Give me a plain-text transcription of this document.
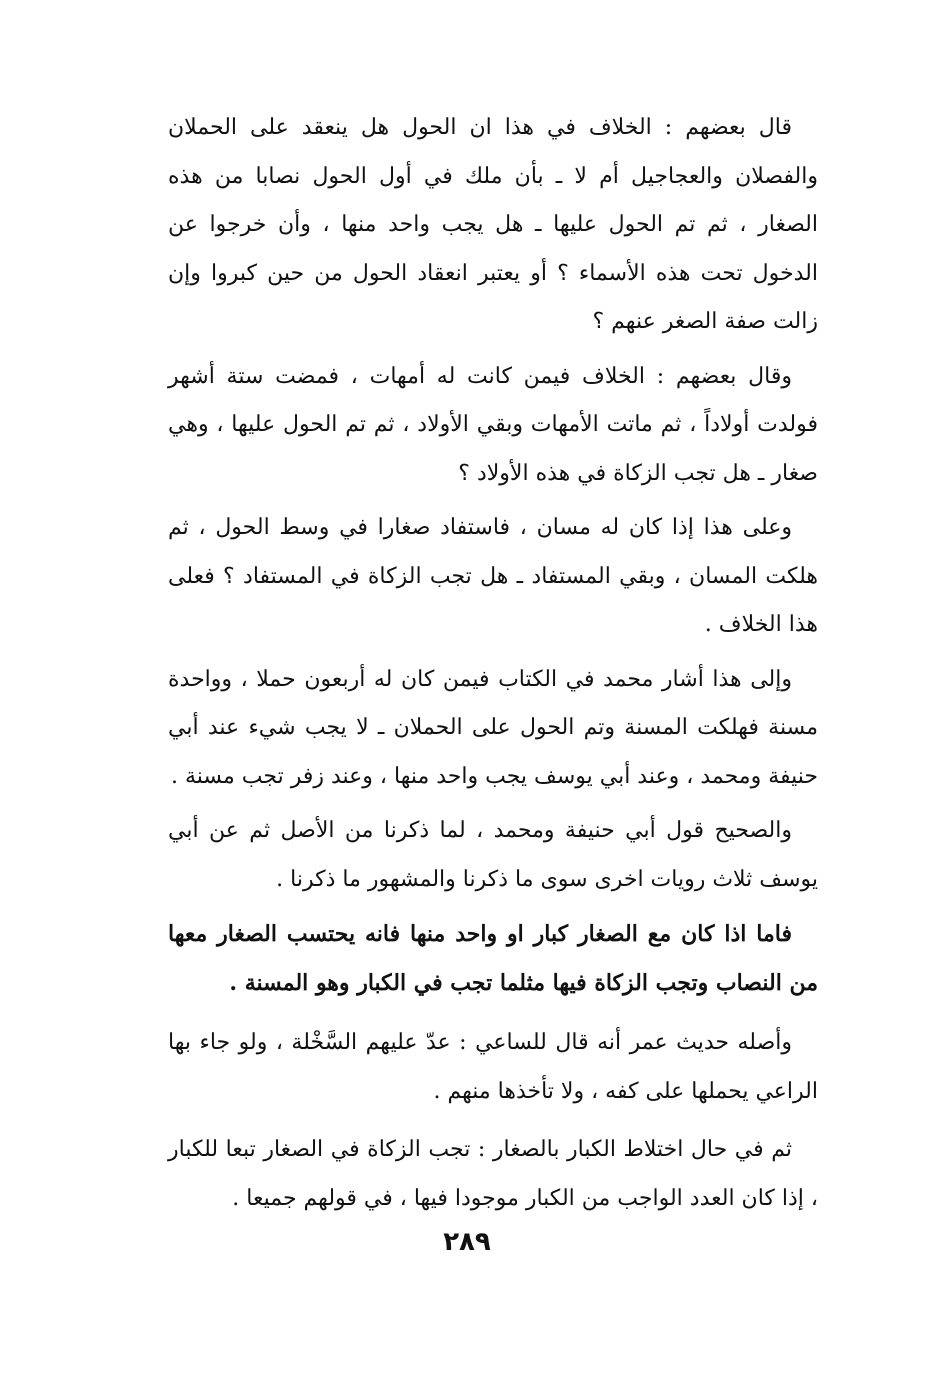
قال بعضهم : الخلاف في هذا ان الحول هل ينعقد على الحملان والفصلان والعجاجيل أم لا ـ بأن ملك في أول الحول نصابا من هذه الصغار ، ثم تم الحول عليها ـ هل يجب واحد منها ، وأن خرجوا عن الدخول تحت هذه الأسماء ؟ أو يعتبر انعقاد الحول من حين كبروا وإن زالت صفة الصغر عنهم ؟

وقال بعضهم : الخلاف فيمن كانت له أمهات ، فمضت ستة أشهر فولدت أولاداً ، ثم ماتت الأمهات وبقي الأولاد ، ثم تم الحول عليها ، وهي صغار ـ هل تجب الزكاة في هذه الأولاد ؟

وعلى هذا إذا كان له مسان ، فاستفاد صغارا في وسط الحول ، ثم هلكت المسان ، وبقي المستفاد ـ هل تجب الزكاة في المستفاد ؟ فعلى هذا الخلاف .

وإلى هذا أشار محمد في الكتاب فيمن كان له أربعون حملا ، وواحدة مسنة فهلكت المسنة وتم الحول على الحملان ـ لا يجب شيء عند أبي حنيفة ومحمد ، وعند أبي يوسف يجب واحد منها ، وعند زفر تجب مسنة .

والصحيح قول أبي حنيفة ومحمد ، لما ذكرنا من الأصل ثم عن أبي يوسف ثلاث رويات اخرى سوى ما ذكرنا والمشهور ما ذكرنا .

فاما اذا كان مع الصغار كبار او واحد منها فانه يحتسب الصغار معها من النصاب وتجب الزكاة فيها مثلما تجب في الكبار وهو المسنة .

وأصله حديث عمر أنه قال للساعي : عدّ عليهم السَّخْلة ، ولو جاء بها الراعي يحملها على كفه ، ولا تأخذها منهم .

ثم في حال اختلاط الكبار بالصغار : تجب الزكاة في الصغار تبعا للكبار ، إذا كان العدد الواجب من الكبار موجودا فيها ، في قولهم جميعا .

٢٨٩
